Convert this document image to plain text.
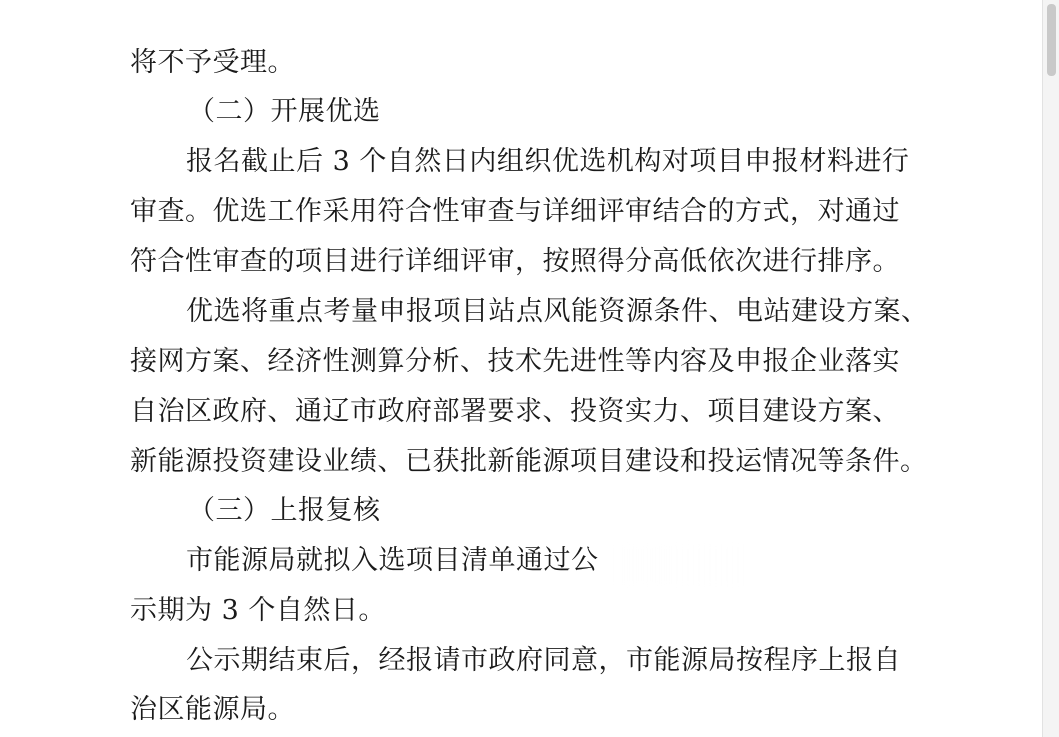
将不予受理。
（二）开展优选
报名截止后 3 个自然日内组织优选机构对项目申报材料进行
审查。优选工作采用符合性审查与详细评审结合的方式，对通过
符合性审查的项目进行详细评审，按照得分高低依次进行排序。
优选将重点考量申报项目站点风能资源条件、电站建设方案、
接网方案、经济性测算分析、技术先进性等内容及申报企业落实
自治区政府、通辽市政府部署要求、投资实力、项目建设方案、
新能源投资建设业绩、已获批新能源项目建设和投运情况等条件。
（三）上报复核
市能源局就拟入选项目清单通过公
示期为 3 个自然日。
公示期结束后，经报请市政府同意，市能源局按程序上报自
治区能源局。
